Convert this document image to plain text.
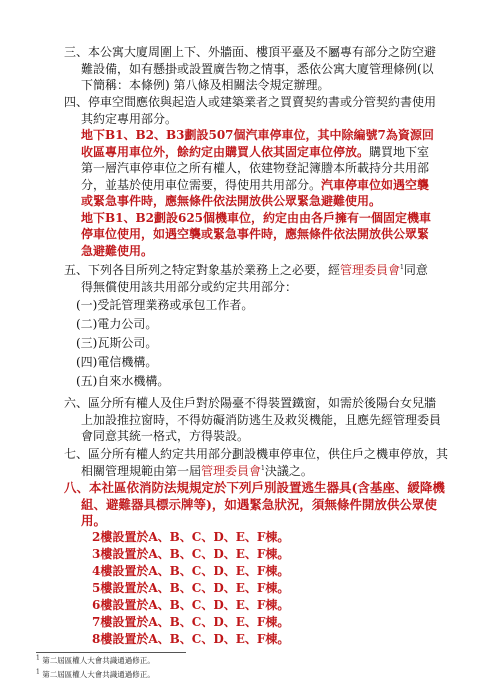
三、本公寓大廈周圍上下、外牆面、樓頂平臺及不屬專有部分之防空避
難設備，如有懸掛或設置廣告物之情事，悉依公寓大廈管理條例(以
下簡稱：本條例) 第八條及相關法令規定辦理。
四、停車空間應依與起造人或建築業者之買賣契約書或分管契約書使用
其約定專用部分。
地下B1、B2、B3劃設507個汽車停車位，其中除編號7為資源回
收區專用車位外，餘約定由購買人依其固定車位停放。購買地下室
第一層汽車停車位之所有權人，依建物登記簿謄本所載持分共用部
分，並基於使用車位需要，得使用共用部分。汽車停車位如遇空襲
或緊急事件時，應無條件依法開放供公眾緊急避難使用。
地下B1、B2劃設625個機車位，約定由由各戶擁有一個固定機車
停車位使用，如遇空襲或緊急事件時，應無條件依法開放供公眾緊
急避難使用。
五、下列各目所列之特定對象基於業務上之必要，經管理委員會$^1$同意
得無償使用該共用部分或約定共用部分：
(一)受託管理業務或承包工作者。
(二)電力公司。
(三)瓦斯公司。
(四)電信機構。
(五)自來水機構。
六、區分所有權人及住戶對於陽臺不得裝置鐵窗，如需於後陽台女兒牆
上加設推拉窗時，不得妨礙消防逃生及救災機能，且應先經管理委員
會同意其統一格式，方得裝設。
七、區分所有權人約定共用部分劃設機車停車位，供住戶之機車停放，其
相關管理規範由第一屆管理委員會$^1$決議之。
八、本社區依消防法規規定於下列戶別設置逃生器具(含基座、緩降機
組、避難器具標示牌等)，如遇緊急狀況，須無條件開放供公眾使
用。
2樓設置於A、B、C、D、E、F棟。
3樓設置於A、B、C、D、E、F棟。
4樓設置於A、B、C、D、E、F棟。
5樓設置於A、B、C、D、E、F棟。
6樓設置於A、B、C、D、E、F棟。
7樓設置於A、B、C、D、E、F棟。
8樓設置於A、B、C、D、E、F棟。
$^1$ 第二屆區權人大會共識通過修正。
$^1$ 第二屆區權人大會共識通過修正。
